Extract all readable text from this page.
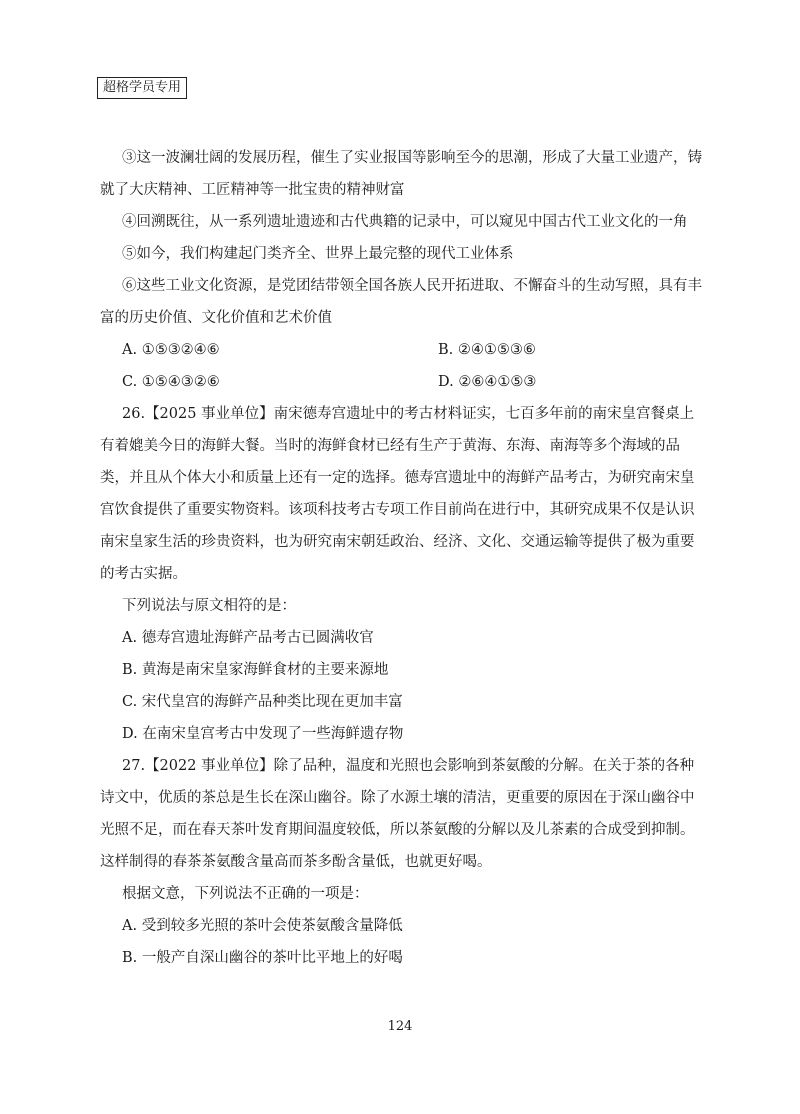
超格学员专用

③这一波澜壮阔的发展历程，催生了实业报国等影响至今的思潮，形成了大量工业遗产，铸就了大庆精神、工匠精神等一批宝贵的精神财富

④回溯既往，从一系列遗址遗迹和古代典籍的记录中，可以窥见中国古代工业文化的一角

⑤如今，我们构建起门类齐全、世界上最完整的现代工业体系

⑥这些工业文化资源，是党团结带领全国各族人民开拓进取、不懈奋斗的生动写照，具有丰富的历史价值、文化价值和艺术价值

A. ①⑤③②④⑥	B. ②④①⑤③⑥
C. ①⑤④③②⑥	D. ②⑥④①⑤③

26.【2025 事业单位】南宋德寿宫遗址中的考古材料证实，七百多年前的南宋皇宫餐桌上有着媲美今日的海鲜大餐。当时的海鲜食材已经有生产于黄海、东海、南海等多个海域的品类，并且从个体大小和质量上还有一定的选择。德寿宫遗址中的海鲜产品考古，为研究南宋皇宫饮食提供了重要实物资料。该项科技考古专项工作目前尚在进行中，其研究成果不仅是认识南宋皇家生活的珍贵资料，也为研究南宋朝廷政治、经济、文化、交通运输等提供了极为重要的考古实据。

下列说法与原文相符的是：

A. 德寿宫遗址海鲜产品考古已圆满收官

B. 黄海是南宋皇家海鲜食材的主要来源地

C. 宋代皇宫的海鲜产品种类比现在更加丰富

D. 在南宋皇宫考古中发现了一些海鲜遗存物

27.【2022 事业单位】除了品种，温度和光照也会影响到茶氨酸的分解。在关于茶的各种诗文中，优质的茶总是生长在深山幽谷。除了水源土壤的清洁，更重要的原因在于深山幽谷中光照不足，而在春天茶叶发育期间温度较低，所以茶氨酸的分解以及儿茶素的合成受到抑制。这样制得的春茶茶氨酸含量高而茶多酚含量低，也就更好喝。

根据文意，下列说法不正确的一项是：

A. 受到较多光照的茶叶会使茶氨酸含量降低

B. 一般产自深山幽谷的茶叶比平地上的好喝

124
